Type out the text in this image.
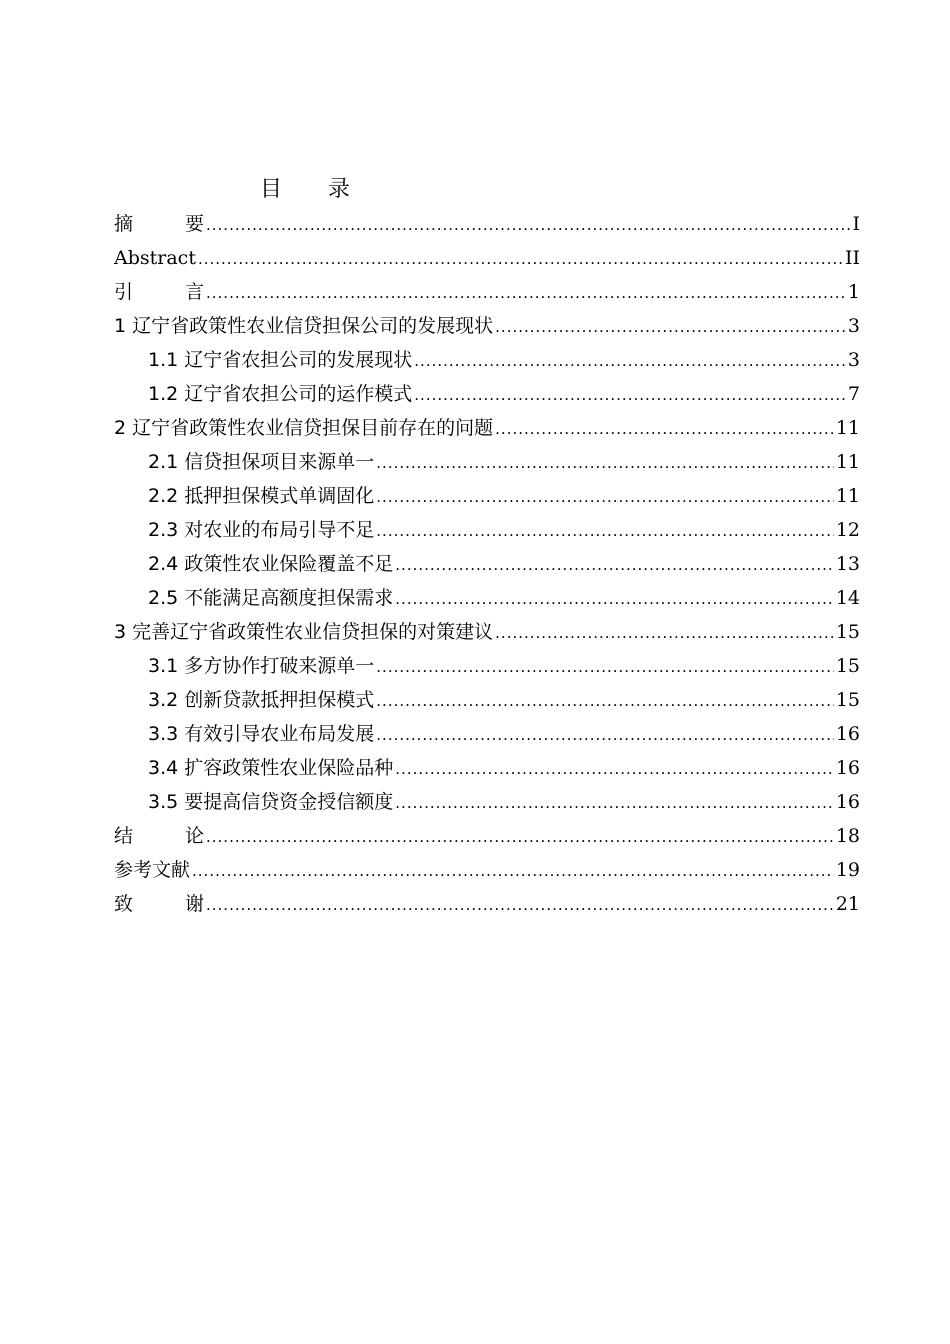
目 录
摘 要 .....	I
Abstract .....	II
引 言 .....	1
1 辽宁省政策性农业信贷担保公司的发展现状 .....	3
1.1 辽宁省农担公司的发展现状 .....	3
1.2 辽宁省农担公司的运作模式 .....	7
2 辽宁省政策性农业信贷担保目前存在的问题 .....	11
2.1 信贷担保项目来源单一 .....	11
2.2 抵押担保模式单调固化 .....	11
2.3 对农业的布局引导不足 .....	12
2.4 政策性农业保险覆盖不足 .....	13
2.5 不能满足高额度担保需求 .....	14
3 完善辽宁省政策性农业信贷担保的对策建议 .....	15
3.1 多方协作打破来源单一 .....	15
3.2 创新贷款抵押担保模式 .....	15
3.3 有效引导农业布局发展 .....	16
3.4 扩容政策性农业保险品种 .....	16
3.5 要提高信贷资金授信额度 .....	16
结 论 .....	18
参考文献 .....	19
致 谢 .....	21
